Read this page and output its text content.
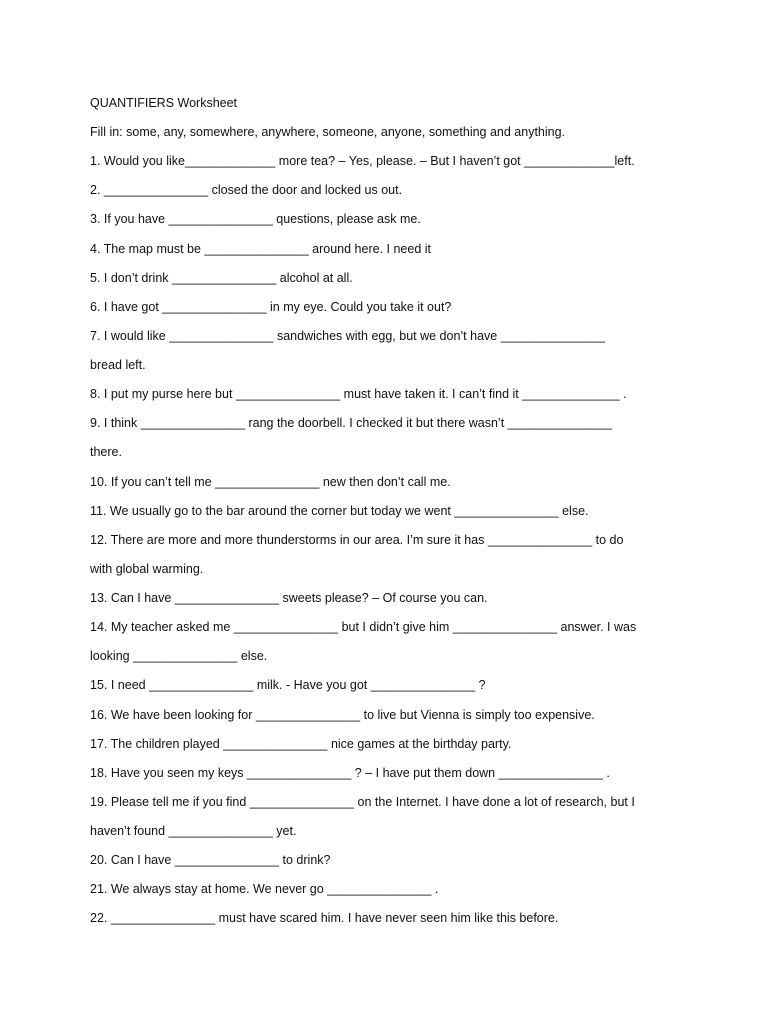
QUANTIFIERS Worksheet
Fill in: some, any, somewhere, anywhere, someone, anyone, something and anything.
1. Would you like_____________ more tea? – Yes, please. – But I haven’t got _____________left.
2. _______________ closed the door and locked us out.
3. If you have _______________ questions, please ask me.
4. The map must be _______________ around here. I need it
5. I don’t drink _______________ alcohol at all.
6. I have got _______________ in my eye. Could you take it out?
7. I would like _______________ sandwiches with egg, but we don’t have _______________
bread left.
8. I put my purse here but _______________ must have taken it. I can’t find it ______________ .
9. I think _______________ rang the doorbell. I checked it but there wasn’t _______________
there.
10. If you can’t tell me _______________ new then don’t call me.
11. We usually go to the bar around the corner but today we went _______________ else.
12. There are more and more thunderstorms in our area. I’m sure it has _______________ to do
with global warming.
13. Can I have _______________ sweets please? – Of course you can.
14. My teacher asked me _______________ but I didn’t give him _______________ answer. I was
looking _______________ else.
15. I need _______________ milk. - Have you got _______________ ?
16. We have been looking for _______________ to live but Vienna is simply too expensive.
17. The children played _______________ nice games at the birthday party.
18. Have you seen my keys _______________ ? – I have put them down _______________ .
19. Please tell me if you find _______________ on the Internet. I have done a lot of research, but I
haven’t found _______________ yet.
20. Can I have _______________ to drink?
21. We always stay at home. We never go _______________ .
22. _______________ must have scared him. I have never seen him like this before.
